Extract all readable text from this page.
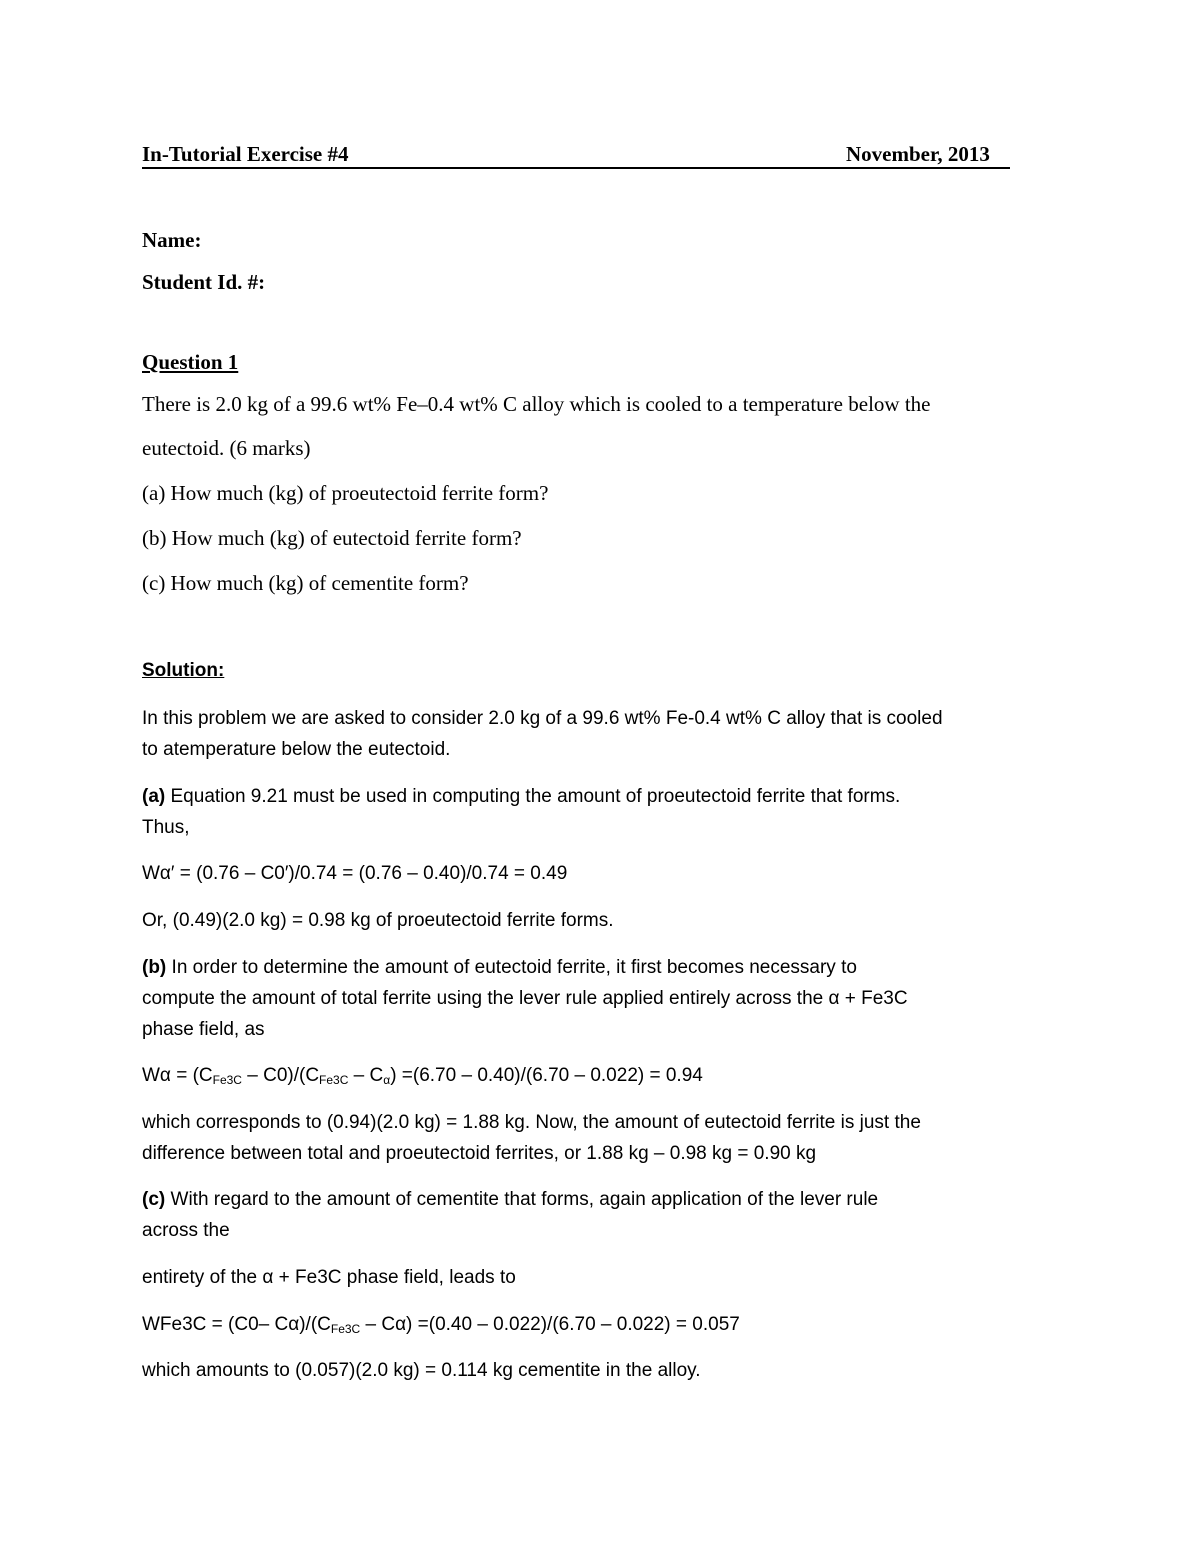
In-Tutorial Exercise #4	November, 2013
Name:
Student Id. #:
Question 1
There is 2.0 kg of a 99.6 wt% Fe–0.4 wt% C alloy which is cooled to a temperature below the
eutectoid. (6 marks)
(a) How much (kg) of proeutectoid ferrite form?
(b) How much (kg) of eutectoid ferrite form?
(c) How much (kg) of cementite form?
Solution:
In this problem we are asked to consider 2.0 kg of a 99.6 wt% Fe-0.4 wt% C alloy that is cooled
to atemperature below the eutectoid.
(a) Equation 9.21 must be used in computing the amount of proeutectoid ferrite that forms.
Thus,
Wα′ = (0.76 – C0′)/0.74 = (0.76 – 0.40)/0.74 = 0.49
Or, (0.49)(2.0 kg) = 0.98 kg of proeutectoid ferrite forms.
(b) In order to determine the amount of eutectoid ferrite, it first becomes necessary to
compute the amount of total ferrite using the lever rule applied entirely across the α + Fe3C
phase field, as
$W\alpha = (C_{Fe3C} - C0)/(C_{Fe3C} - C_\alpha) =(6.70 - 0.40)/(6.70 - 0.022) = 0.94$
which corresponds to (0.94)(2.0 kg) = 1.88 kg. Now, the amount of eutectoid ferrite is just the
difference between total and proeutectoid ferrites, or 1.88 kg – 0.98 kg = 0.90 kg
(c) With regard to the amount of cementite that forms, again application of the lever rule
across the
entirety of the α + Fe3C phase field, leads to
WFe3C = (C0– $C\alpha)/(C_{Fe3C} - C\alpha) =(0.40 - 0.022)/(6.70 - 0.022) = 0.057$
which amounts to (0.057)(2.0 kg) = 0.114 kg cementite in the alloy.
